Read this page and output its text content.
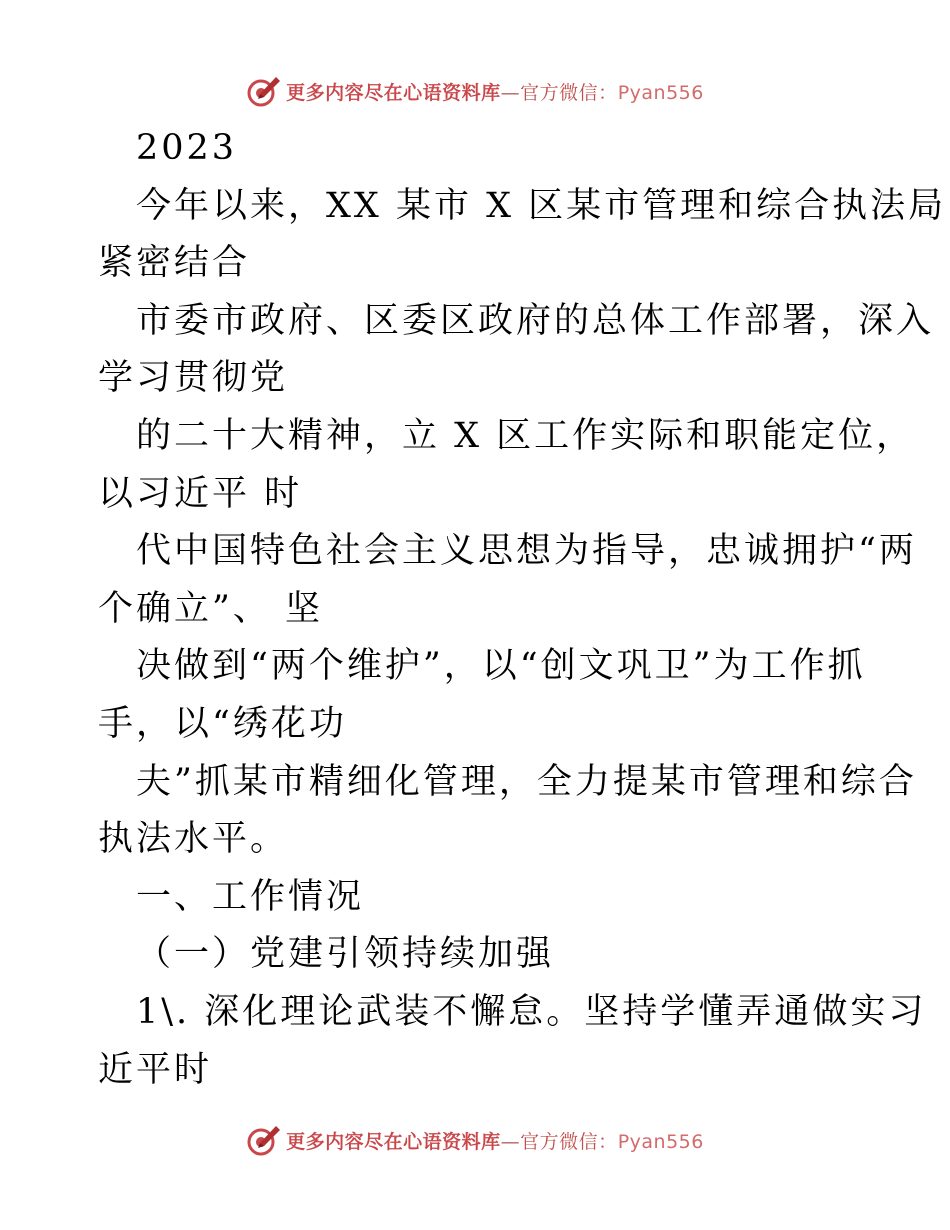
更多内容尽在心语资料库—官方微信：Pyan556
2023
今年以来，XX 某市 X 区某市管理和综合执法局
紧密结合
市委市政府、区委区政府的总体工作部署，深入
学习贯彻党
的二十大精神，立 X 区工作实际和职能定位，
以习近平 时
代中国特色社会主义思想为指导，忠诚拥护“两
个确立”、 坚
决做到“两个维护”，以“创文巩卫”为工作抓
手，以“绣花功
夫”抓某市精细化管理，全力提某市管理和综合
执法水平。
一、工作情况
（一）党建引领持续加强
1\. 深化理论武装不懈怠。坚持学懂弄通做实习
近平时
更多内容尽在心语资料库—官方微信：Pyan556
